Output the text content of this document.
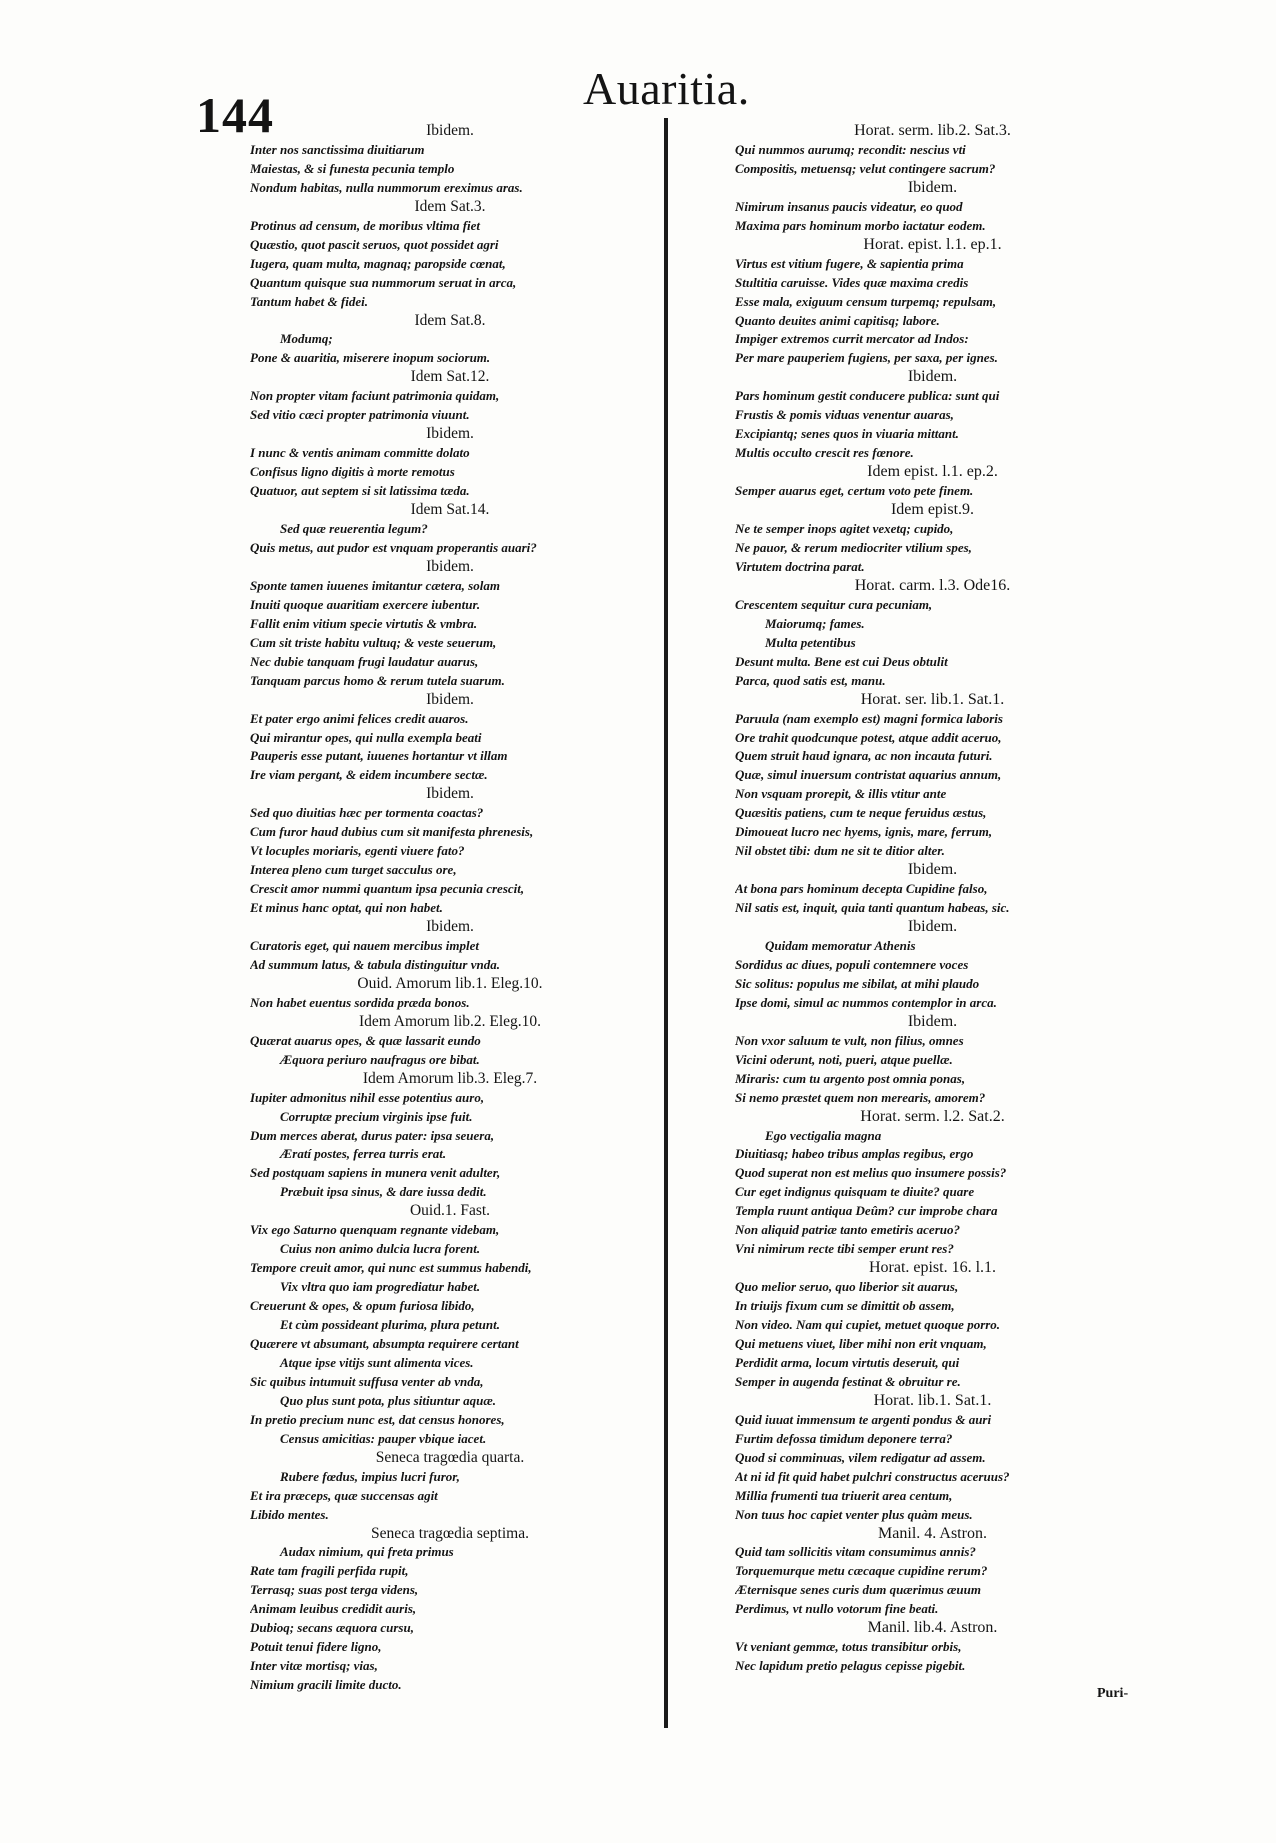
144	Auaritia.
Ibidem.
Inter nos sanctissima diuitiarum
Maiestas, & si funesta pecunia templo
Nondum habitas, nulla nummorum ereximus aras.
Idem Sat.3.
Protinus ad censum, de moribus vltima fiet
Quæstio, quot pascit seruos, quot possidet agri
Iugera, quam multa, magnaq; paropside cœnat,
Quantum quisque sua nummorum seruat in arca,
Tantum habet & fidei.
Idem Sat.8.
Modumq;
Pone & auaritia, miserere inopum sociorum.
Idem Sat.12.
Non propter vitam faciunt patrimonia quidam,
Sed vitio cæci propter patrimonia viuunt.
Ibidem.
I nunc & ventis animam committe dolato
Confisus ligno digitis à morte remotus
Quatuor, aut septem si sit latissima tæda.
Idem Sat.14.
Sed quæ reuerentia legum?
Quis metus, aut pudor est vnquam properantis auari?
Ibidem.
Sponte tamen iuuenes imitantur cætera, solam
Inuiti quoque auaritiam exercere iubentur.
Fallit enim vitium specie virtutis & vmbra.
Cum sit triste habitu vultuq; & veste seuerum,
Nec dubie tanquam frugi laudatur auarus,
Tanquam parcus homo & rerum tutela suarum.
Ibidem.
Et pater ergo animi felices credit auaros.
Qui mirantur opes, qui nulla exempla beati
Pauperis esse putant, iuuenes hortantur vt illam
Ire viam pergant, & eidem incumbere sectæ.
Ibidem.
Sed quo diuitias hæc per tormenta coactas?
Cum furor haud dubius cum sit manifesta phrenesis,
Vt locuples moriaris, egenti viuere fato?
Interea pleno cum turget sacculus ore,
Crescit amor nummi quantum ipsa pecunia crescit,
Et minus hanc optat, qui non habet.
Ibidem.
Curatoris eget, qui nauem mercibus implet
Ad summum latus, & tabula distinguitur vnda.
Ouid. Amorum lib.1. Eleg.10.
Non habet euentus sordida præda bonos.
Idem Amorum lib.2. Eleg.10.
Quærat auarus opes, & quæ lassarit eundo
Æquora periuro naufragus ore bibat.
Idem Amorum lib.3. Eleg.7.
Iupiter admonitus nihil esse potentius auro,
Corruptæ precium virginis ipse fuit.
Dum merces aberat, durus pater: ipsa seuera,
Æratí postes, ferrea turris erat.
Sed postquam sapiens in munera venit adulter,
Præbuit ipsa sinus, & dare iussa dedit.
Ouid.1. Fast.
Vix ego Saturno quenquam regnante videbam,
Cuius non animo dulcia lucra forent.
Tempore creuit amor, qui nunc est summus habendi,
Vix vltra quo iam progrediatur habet.
Creuerunt & opes, & opum furiosa libido,
Et cùm possideant plurima, plura petunt.
Quærere vt absumant, absumpta requirere certant
Atque ipse vitijs sunt alimenta vices.
Sic quibus intumuit suffusa venter ab vnda,
Quo plus sunt pota, plus sitiuntur aquæ.
In pretio precium nunc est, dat census honores,
Census amicitias: pauper vbique iacet.
Seneca tragœdia quarta.
Rubere fœdus, impius lucri furor,
Et ira præceps, quæ succensas agit
Libido mentes.
Seneca tragœdia septima.
Audax nimium, qui freta primus
Rate tam fragili perfida rupit,
Terrasq; suas post terga videns,
Animam leuibus credidit auris,
Dubioq; secans æquora cursu,
Potuit tenui fidere ligno,
Inter vitæ mortisq; vias,
Nimium gracili limite ducto.
Horat. serm. lib.2. Sat.3.
Qui nummos aurumq; recondit: nescius vti
Compositis, metuensq; velut contingere sacrum?
Ibidem.
Nimirum insanus paucis videatur, eo quod
Maxima pars hominum morbo iactatur eodem.
Horat. epist. l.1. ep.1.
Virtus est vitium fugere, & sapientia prima
Stultitia caruisse. Vides quæ maxima credis
Esse mala, exiguum censum turpemq; repulsam,
Quanto deuites animi capitisq; labore.
Impiger extremos currit mercator ad Indos:
Per mare pauperiem fugiens, per saxa, per ignes.
Ibidem.
Pars hominum gestit conducere publica: sunt qui
Frustis & pomis viduas venentur auaras,
Excipiantq; senes quos in viuaria mittant.
Multis occulto crescit res fœnore.
Idem epist. l.1. ep.2.
Semper auarus eget, certum voto pete finem.
Idem epist.9.
Ne te semper inops agitet vexetq; cupido,
Ne pauor, & rerum mediocriter vtilium spes,
Virtutem doctrina parat.
Horat. carm. l.3. Ode16.
Crescentem sequitur cura pecuniam,
Maiorumq; fames.
Multa petentibus
Desunt multa. Bene est cui Deus obtulit
Parca, quod satis est, manu.
Horat. ser. lib.1. Sat.1.
Paruula (nam exemplo est) magni formica laboris
Ore trahit quodcunque potest, atque addit aceruo,
Quem struit haud ignara, ac non incauta futuri.
Quæ, simul inuersum contristat aquarius annum,
Non vsquam prorepit, & illis vtitur ante
Quæsitis patiens, cum te neque feruidus æstus,
Dimoueat lucro nec hyems, ignis, mare, ferrum,
Nil obstet tibi: dum ne sit te ditior alter.
Ibidem.
At bona pars hominum decepta Cupidine falso,
Nil satis est, inquit, quia tanti quantum habeas, sic.
Ibidem.
Quidam memoratur Athenis
Sordidus ac diues, populi contemnere voces
Sic solitus: populus me sibilat, at mihi plaudo
Ipse domi, simul ac nummos contemplor in arca.
Ibidem.
Non vxor saluum te vult, non filius, omnes
Vicini oderunt, noti, pueri, atque puellæ.
Miraris: cum tu argento post omnia ponas,
Si nemo præstet quem non merearis, amorem?
Horat. serm. l.2. Sat.2.
Ego vectigalia magna
Diuitiasq; habeo tribus amplas regibus, ergo
Quod superat non est melius quo insumere possis?
Cur eget indignus quisquam te diuite? quare
Templa ruunt antiqua Deûm? cur improbe chara
Non aliquid patriæ tanto emetiris aceruo?
Vni nimirum recte tibi semper erunt res?
Horat. epist. 16. l.1.
Quo melior seruo, quo liberior sit auarus,
In triuijs fixum cum se dimittit ob assem,
Non video. Nam qui cupiet, metuet quoque porro.
Qui metuens viuet, liber mihi non erit vnquam,
Perdidit arma, locum virtutis deseruit, qui
Semper in augenda festinat & obruitur re.
Horat. lib.1. Sat.1.
Quid iuuat immensum te argenti pondus & auri
Furtim defossa timidum deponere terra?
Quod si comminuas, vilem redigatur ad assem.
At ni id fit quid habet pulchri constructus aceruus?
Millia frumenti tua triuerit area centum,
Non tuus hoc capiet venter plus quàm meus.
Manil. 4. Astron.
Quid tam sollicitis vitam consumimus annis?
Torquemurque metu cæcaque cupidine rerum?
Æternisque senes curis dum quærimus æuum
Perdimus, vt nullo votorum fine beati.
Manil. lib.4. Astron.
Vt veniant gemmæ, totus transibitur orbis,
Nec lapidum pretio pelagus cepisse pigebit.
Puri-
